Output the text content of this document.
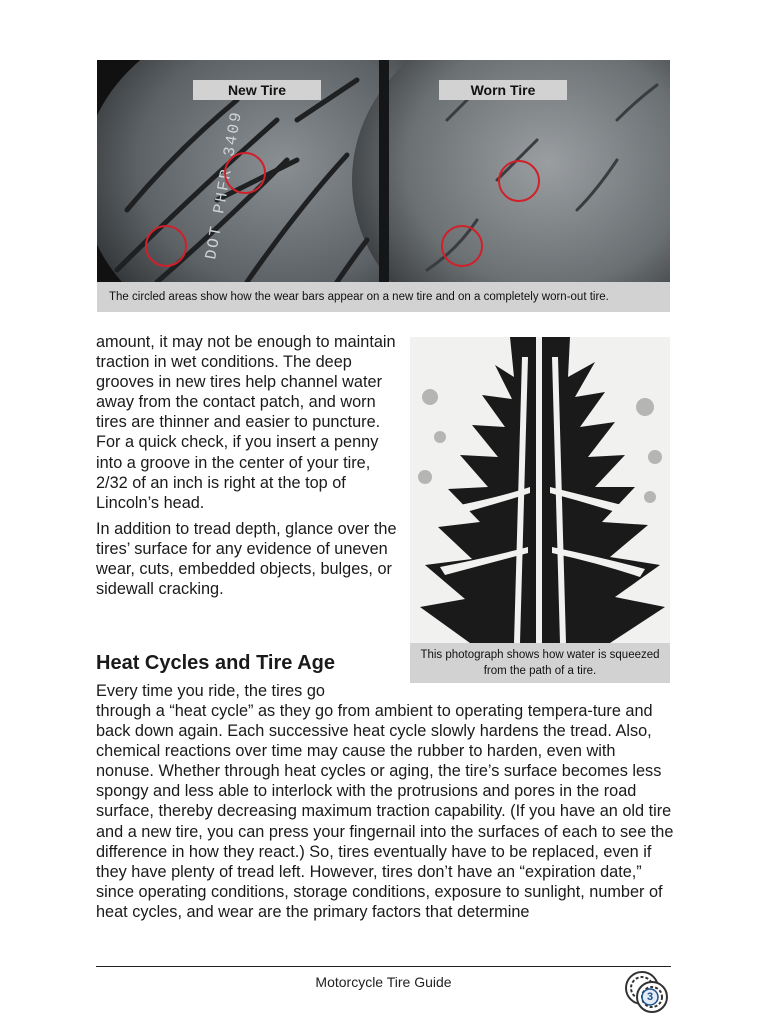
DOT PHFR 3409
New Tire	Worn Tire
The circled areas show how the wear bars appear on a new tire and on a completely worn-out tire.

amount, it may not be enough to maintain traction in wet conditions. The deep grooves in new tires help channel water away from the contact patch, and worn tires are thinner and easier to puncture. For a quick check, if you insert a penny into a groove in the center of your tire, 2/32 of an inch is right at the top of Lincoln’s head.

In addition to tread depth, glance over the tires’ surface for any evidence of uneven wear, cuts, embedded objects, bulges, or sidewall cracking.

Heat Cycles and Tire Age

Every time you ride, the tires go

through a “heat cycle” as they go from ambient to operating tempera-ture and back down again. Each successive heat cycle slowly hardens the tread. Also, chemical reactions over time may cause the rubber to harden, even with nonuse. Whether through heat cycles or aging, the tire’s surface becomes less spongy and less able to interlock with the protrusions and pores in the road surface, thereby decreasing maximum traction capability. (If you have an old tire and a new tire, you can press your fingernail into the surfaces of each to see the difference in how they react.) So, tires eventually have to be replaced, even if they have plenty of tread left. However, tires don’t have an “expiration date,” since operating conditions, storage conditions, exposure to sunlight, number of heat cycles, and wear are the primary factors that determine

This photograph shows how water is squeezed from the path of a tire.
Motorcycle Tire Guide
3
